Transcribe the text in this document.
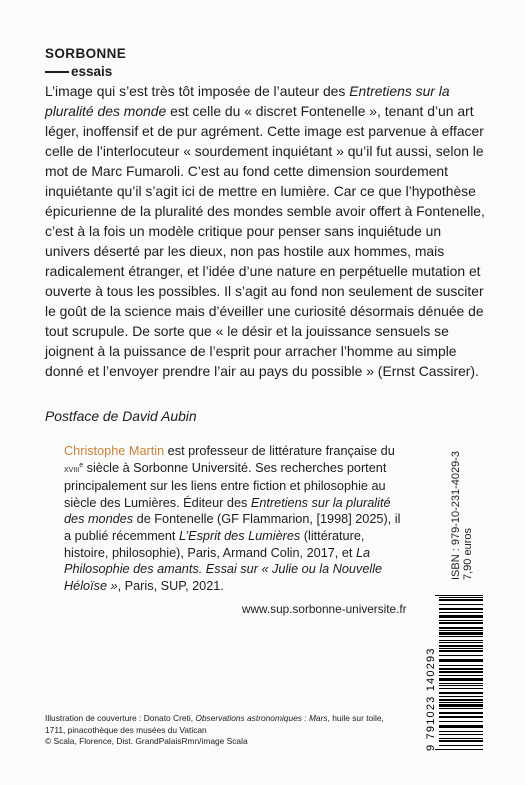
SORBONNE
essais

L’image qui s’est très tôt imposée de l’auteur des Entretiens sur la pluralité des monde est celle du « discret Fontenelle », tenant d’un art léger, inoffensif et de pur agrément. Cette image est parvenue à effacer celle de l’interlocuteur « sourdement inquiétant » qu’il fut aussi, selon le mot de Marc Fumaroli. C’est au fond cette dimension sourdement inquiétante qu’il s’agit ici de mettre en lumière. Car ce que l’hypothèse épicurienne de la pluralité des mondes semble avoir offert à Fontenelle, c’est à la fois un modèle critique pour penser sans inquiétude un univers déserté par les dieux, non pas hostile aux hommes, mais radicalement étranger, et l’idée d’une nature en perpétuelle mutation et ouverte à tous les possibles. Il s’agit au fond non seulement de susciter le goût de la science mais d’éveiller une curiosité désormais dénuée de tout scrupule. De sorte que « le désir et la jouissance sensuels se joignent à la puissance de l’esprit pour arracher l’homme au simple donné et l’envoyer prendre l’air au pays du possible » (Ernst Cassirer).

Postface de David Aubin
Christophe Martin est professeur de littérature française du xviii$^e$ siècle à Sorbonne Université. Ses recherches portent principalement sur les liens entre fiction et philosophie au siècle des Lumières. Éditeur des Entretiens sur la pluralité des mondes de Fontenelle (GF Flammarion, [1998] 2025), il a publié récemment L’Esprit des Lumières (littérature, histoire, philosophie), Paris, Armand Colin, 2017, et La Philosophie des amants. Essai sur « Julie ou la Nouvelle Héloïse », Paris, SUP, 2021.
www.sup.sorbonne-universite.fr
ISBN : 979-10-231-4029-3 7,90 euros
9 791023 140293
Illustration de couverture : Donato Creti, Observations astronomiques : Mars, huile sur toile, 1711, pinacothèque des musées du Vatican
© Scala, Florence, Dist. GrandPalaisRmn/image Scala
